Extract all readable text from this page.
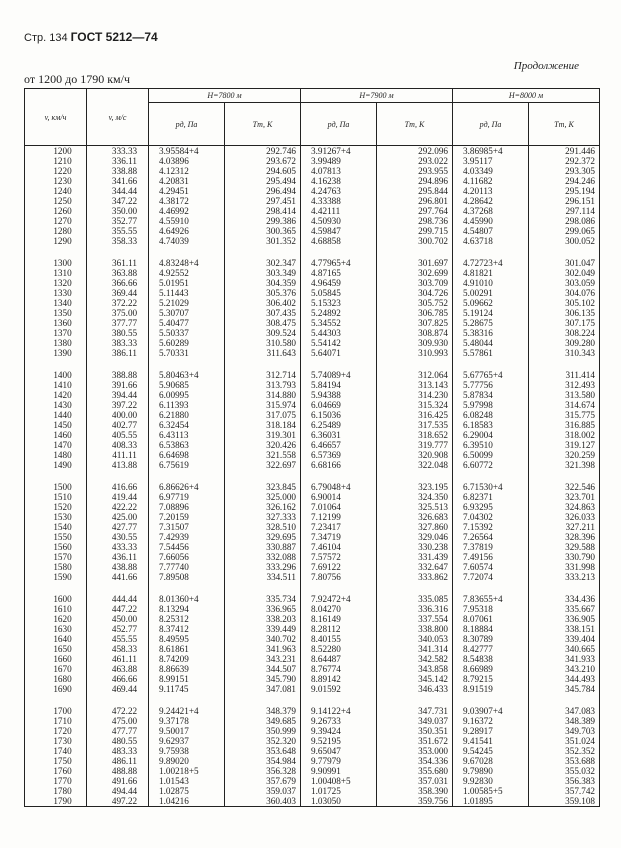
Стр. 134 ГОСТ 5212—74
Продолжение
от 1200 до 1790 км/ч
v, км/ч	v, м/с	H=7800 м		H=7900 м		H=8000 м	
		pд, Па	Tт, К	pд, Па	Tт, К	pд, Па	Tт, К
1200	333.33	3.95584+4	292.746	3.91267+4	292.096	3.86985+4	291.446
1210	336.11	4.03896	293.672	3.99489	293.022	3.95117	292.372
1220	338.88	4.12312	294.605	4.07813	293.955	4.03349	293.305
1230	341.66	4.20831	295.494	4.16238	294.896	4.11682	294.246
1240	344.44	4.29451	296.494	4.24763	295.844	4.20113	295.194
1250	347.22	4.38172	297.451	4.33388	296.801	4.28642	296.151
1260	350.00	4.46992	298.414	4.42111	297.764	4.37268	297.114
1270	352.77	4.55910	299.386	4.50930	298.736	4.45990	298.086
1280	355.55	4.64926	300.365	4.59847	299.715	4.54807	299.065
1290	358.33	4.74039	301.352	4.68858	300.702	4.63718	300.052

1300	361.11	4.83248+4	302.347	4.77965+4	301.697	4.72723+4	301.047
1310	363.88	4.92552	303.349	4.87165	302.699	4.81821	302.049
1320	366.66	5.01951	304.359	4.96459	303.709	4.91010	303.059
1330	369.44	5.11443	305.376	5.05845	304.726	5.00291	304.076
1340	372.22	5.21029	306.402	5.15323	305.752	5.09662	305.102
1350	375.00	5.30707	307.435	5.24892	306.785	5.19124	306.135
1360	377.77	5.40477	308.475	5.34552	307.825	5.28675	307.175
1370	380.55	5.50337	309.524	5.44303	308.874	5.38316	308.224
1380	383.33	5.60289	310.580	5.54142	309.930	5.48044	309.280
1390	386.11	5.70331	311.643	5.64071	310.993	5.57861	310.343

1400	388.88	5.80463+4	312.714	5.74089+4	312.064	5.67765+4	311.414
1410	391.66	5.90685	313.793	5.84194	313.143	5.77756	312.493
1420	394.44	6.00995	314.880	5.94388	314.230	5.87834	313.580
1430	397.22	6.11393	315.974	6.04669	315.324	5.97998	314.674
1440	400.00	6.21880	317.075	6.15036	316.425	6.08248	315.775
1450	402.77	6.32454	318.184	6.25489	317.535	6.18583	316.885
1460	405.55	6.43113	319.301	6.36031	318.652	6.29004	318.002
1470	408.33	6.53863	320.426	6.46657	319.777	6.39510	319.127
1480	411.11	6.64698	321.558	6.57369	320.908	6.50099	320.259
1490	413.88	6.75619	322.697	6.68166	322.048	6.60772	321.398

1500	416.66	6.86626+4	323.845	6.79048+4	323.195	6.71530+4	322.546
1510	419.44	6.97719	325.000	6.90014	324.350	6.82371	323.701
1520	422.22	7.08896	326.162	7.01064	325.513	6.93295	324.863
1530	425.00	7.20159	327.333	7.12199	326.683	7.04302	326.033
1540	427.77	7.31507	328.510	7.23417	327.860	7.15392	327.211
1550	430.55	7.42939	329.695	7.34719	329.046	7.26564	328.396
1560	433.33	7.54456	330.887	7.46104	330.238	7.37819	329.588
1570	436.11	7.66056	332.088	7.57572	331.439	7.49156	330.790
1580	438.88	7.77740	333.296	7.69122	332.647	7.60574	331.998
1590	441.66	7.89508	334.511	7.80756	333.862	7.72074	333.213

1600	444.44	8.01360+4	335.734	7.92472+4	335.085	7.83655+4	334.436
1610	447.22	8.13294	336.965	8.04270	336.316	7.95318	335.667
1620	450.00	8.25312	338.203	8.16149	337.554	8.07061	336.905
1630	452.77	8.37412	339.449	8.28112	338.800	8.18884	338.151
1640	455.55	8.49595	340.702	8.40155	340.053	8.30789	339.404
1650	458.33	8.61861	341.963	8.52280	341.314	8.42777	340.665
1660	461.11	8.74209	343.231	8.64487	342.582	8.54838	341.933
1670	463.88	8.86639	344.507	8.76774	343.858	8.66989	343.210
1680	466.66	8.99151	345.790	8.89142	345.142	8.79215	344.493
1690	469.44	9.11745	347.081	9.01592	346.433	8.91519	345.784

1700	472.22	9.24421+4	348.379	9.14122+4	347.731	9.03907+4	347.083
1710	475.00	9.37178	349.685	9.26733	349.037	9.16372	348.389
1720	477.77	9.50017	350.999	9.39424	350.351	9.28917	349.703
1730	480.55	9.62937	352.320	9.52195	351.672	9.41541	351.024
1740	483.33	9.75938	353.648	9.65047	353.000	9.54245	352.352
1750	486.11	9.89020	354.984	9.77979	354.336	9.67028	353.688
1760	488.88	1.00218+5	356.328	9.90991	355.680	9.79890	355.032
1770	491.66	1.01543	357.679	1.00408+5	357.031	9.92830	356.383
1780	494.44	1.02875	359.037	1.01725	358.390	1.00585+5	357.742
1790	497.22	1.04216	360.403	1.03050	359.756	1.01895	359.108
